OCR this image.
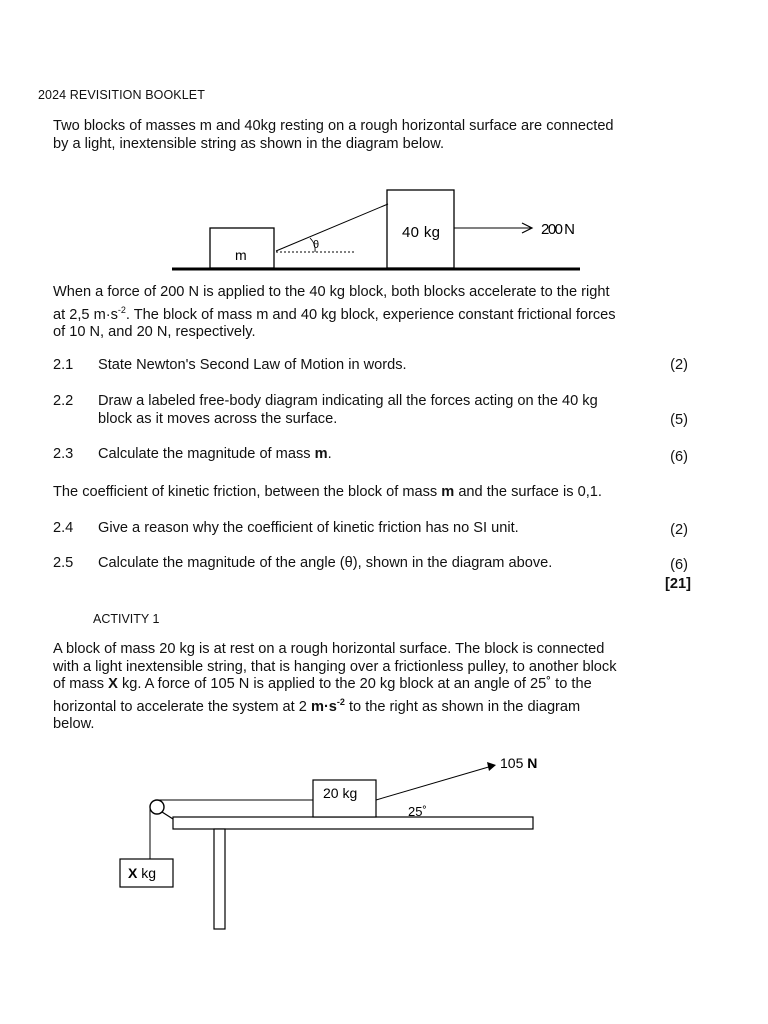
2024 REVISITION BOOKLET
Two blocks of masses m and 40kg resting on a rough horizontal surface are connected
by a light, inextensible string as shown in the diagram below.
m
40 kg
θ
200 N
When a force of 200 N is applied to the 40 kg block, both blocks accelerate to the right
at 2,5 $m\cdot s^{-2}$. The block of mass m and 40 kg block, experience constant frictional forces
of 10 N, and 20 N, respectively.
2.1 State Newton's Second Law of Motion in words.	(2)
2.2 Draw a labeled free-body diagram indicating all the forces acting on the 40 kg
block as it moves across the surface.	(5)
2.3 Calculate the magnitude of mass m.	(6)
The coefficient of kinetic friction, between the block of mass m and the surface is 0,1.
2.4 Give a reason why the coefficient of kinetic friction has no SI unit.	(2)
2.5 Calculate the magnitude of the angle (θ), shown in the diagram above.	(6)
[21]
ACTIVITY 1
A block of mass 20 kg is at rest on a rough horizontal surface. The block is connected
with a light inextensible string, that is hanging over a frictionless pulley, to another block
of mass X kg. A force of 105 N is applied to the 20 kg block at an angle of 25˚ to the
horizontal to accelerate the system at 2 $m\cdot s^{-2}$ to the right as shown in the diagram
below.
20 kg
105 N
25˚
X kg
